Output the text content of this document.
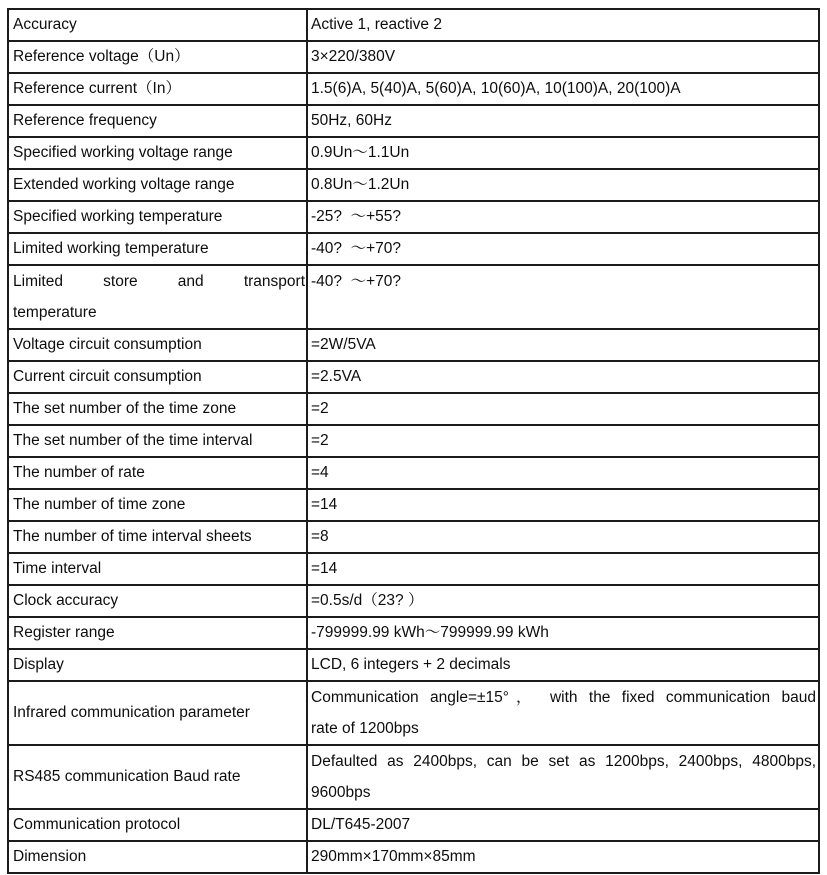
Accuracy	Active 1, reactive 2
Reference voltage（Un）	3×220/380V
Reference current（In）	1.5(6)A, 5(40)A, 5(60)A, 10(60)A, 10(100)A, 20(100)A
Reference frequency	50Hz, 60Hz
Specified working voltage range	0.9Un～1.1Un
Extended working voltage range	0.8Un～1.2Un
Specified working temperature	-25?  ～+55?
Limited working temperature	-40?  ～+70?

Limited store and transport
temperature	-40?  ～+70?
Voltage circuit consumption	=2W/5VA
Current circuit consumption	=2.5VA
The set number of the time zone	=2
The set number of the time interval	=2
The number of rate	=4
The number of time zone	=14
The number of time interval sheets	=8
Time interval	=14
Clock accuracy	=0.5s/d（23? ）
Register range	-799999.99 kWh～799999.99 kWh
Display	LCD, 6 integers + 2 decimals
Infrared communication parameter	Communication angle=±15°， with the fixed communication baud
rate of 1200bps

RS485 communication Baud rate	Defaulted as 2400bps, can be set as 1200bps, 2400bps, 4800bps,
9600bps

Communication protocol	DL/T645-2007
Dimension	290mm×170mm×85mm
